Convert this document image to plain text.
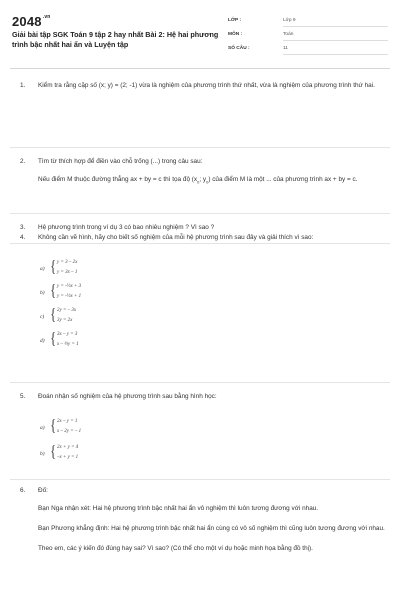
$2048^{.vn}$
Giải bài tập SGK Toán 9 tập 2 hay nhất Bài 2: Hệ hai phương trình bậc nhất hai ẩn và Luyện tập
LỚP :	Lớp 9
MÔN :	Toán
SỐ CÂU :	11
1. Kiểm tra rằng cặp số (x; y) = (2; -1) vừa là nghiệm của phương trình thứ nhất, vừa là nghiệm của phương trình thứ hai.

2. Tìm từ thích hợp để điền vào chỗ trống (...) trong câu sau:

Nếu điểm M thuộc đường thẳng ax + by = c thì tọa độ ($x_0$; $y_0$) của điểm M là một ... của phương trình ax + by = c.

3. Hệ phương trình trong ví dụ 3 có bao nhiêu nghiệm ? Vì sao ?

4. Không cần vẽ hình, hãy cho biết số nghiệm của mỗi hệ phương trình sau đây và giải thích vì sao:

a) { y = 3 – 2x
y = 3x – 1
b) { y = -½x + 3
y = -½x + 1
c) { 2y = – 3x
3y = 2x
d) { 3x – y = 3
x – ⅓y = 1
5. Đoán nhận số nghiệm của hệ phương trình sau bằng hình học:

a) { 2x – y = 1
x – 2y = – 1
b) { 2x + y = 4
–x + y = 1
6. Đố:

Bạn Nga nhận xét: Hai hệ phương trình bậc nhất hai ẩn vô nghiệm thì luôn tương đương với nhau.

Bạn Phương khẳng định: Hai hệ phương trình bậc nhất hai ẩn cùng có vô số nghiệm thì cũng luôn tương đương với nhau.

Theo em, các ý kiến đó đúng hay sai? Vì sao? (Có thể cho một ví dụ hoặc minh họa bằng đồ thị).
